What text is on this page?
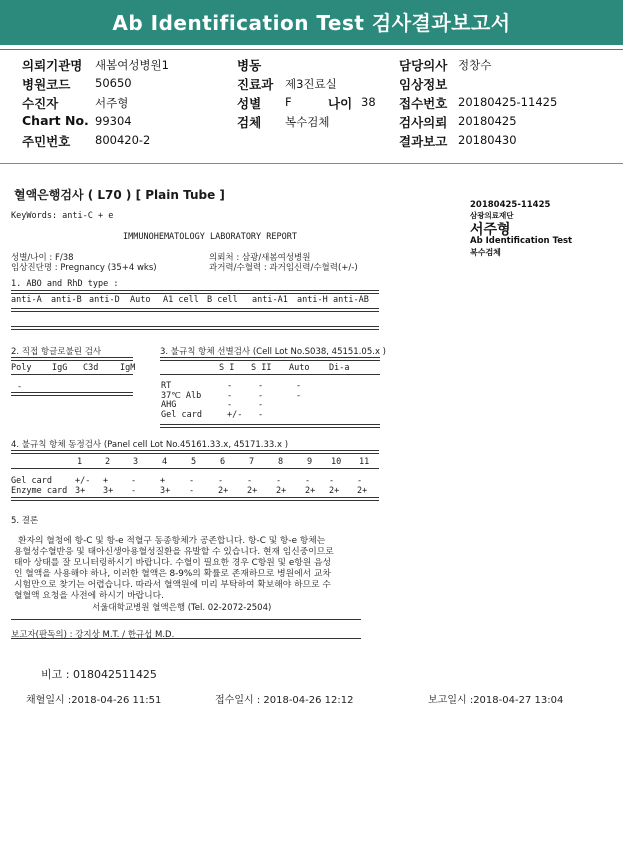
Ab Identification Test 검사결과보고서
의뢰기관명 새봄여성병원1	병동	담당의사 정창수
병원코드 50650	진료과 제3진료실	임상정보
수진자	서주형	성별 F	나이 38 접수번호 20180425-11425
Chart No. 99304	검체 복수검체	검사의뢰 20180425
주민번호 800420-2	결과보고 20180430
혈액은행검사 ( L70 ) [ Plain Tube ]
KeyWords: anti-C + e
IMMUNOHEMATOLOGY LABORATORY REPORT
성별/나이 : F/38
임상진단명 : Pregnancy (35+4 wks)
의뢰처 : 삼광/새봄여성병원
과거력/수혈력 : 과거임신력/수혈력(+/-)
20180425-11425
삼광의료재단
서주형
Ab Identification Test
복수검체
1. ABO and RhD type :
anti-A anti-B anti-D Auto A1 cell B cell anti-A1 anti-H anti-AB
2. 직접 항글로불린 검사
Poly IgG C3d	IgM
-
3. 불규칙 항체 선별검사 (Cell Lot No.S038, 45151.05.x )
S I S II Auto Di-a
RT	-	-	-
37℃ Alb	-	-	-
AHG	-	-
Gel card	+/- -
4. 불규칙 항체 동정검사 (Panel cell Lot No.45161.33.x, 45171.33.x )
1	2	3	4	5	6	7	8	9 10 11
Gel card	+/- +	-	+	-	-	-	-	- -	-
Enzyme card 3+ 3+ -	3+ -	2+ 2+ 2+ 2+ 2+ 2+
5. 결론
환자의 혈청에 항-C 및 항-e 적혈구 동종항체가 공존합니다. 항-C 및 항-e 항체는
용혈성수혈반응 및 태아신생아용혈성질환을 유발할 수 있습니다. 현재 임신중이므로
태아 상태를 잘 모니터링하시기 바랍니다. 수혈이 필요한 경우 C항원 및 e항원 음성
인 혈액을 사용해야 하나, 이러한 혈액은 8-9%의 확률로 존재하므로 병원에서 교차
시험만으로 찾기는 어렵습니다. 따라서 혈액원에 미리 부탁하여 확보해야 하므로 수
혈혈액 요청을 사전에 하시기 바랍니다.
서울대학교병원 혈액은행 (Tel. 02-2072-2504)
보고자(판독의) : 강지상 M.T. / 한규섭 M.D.
비고 : 018042511425
채혈일시 :2018-04-26 11:51	접수일시 : 2018-04-26 12:12	보고일시 :2018-04-27 13:04
